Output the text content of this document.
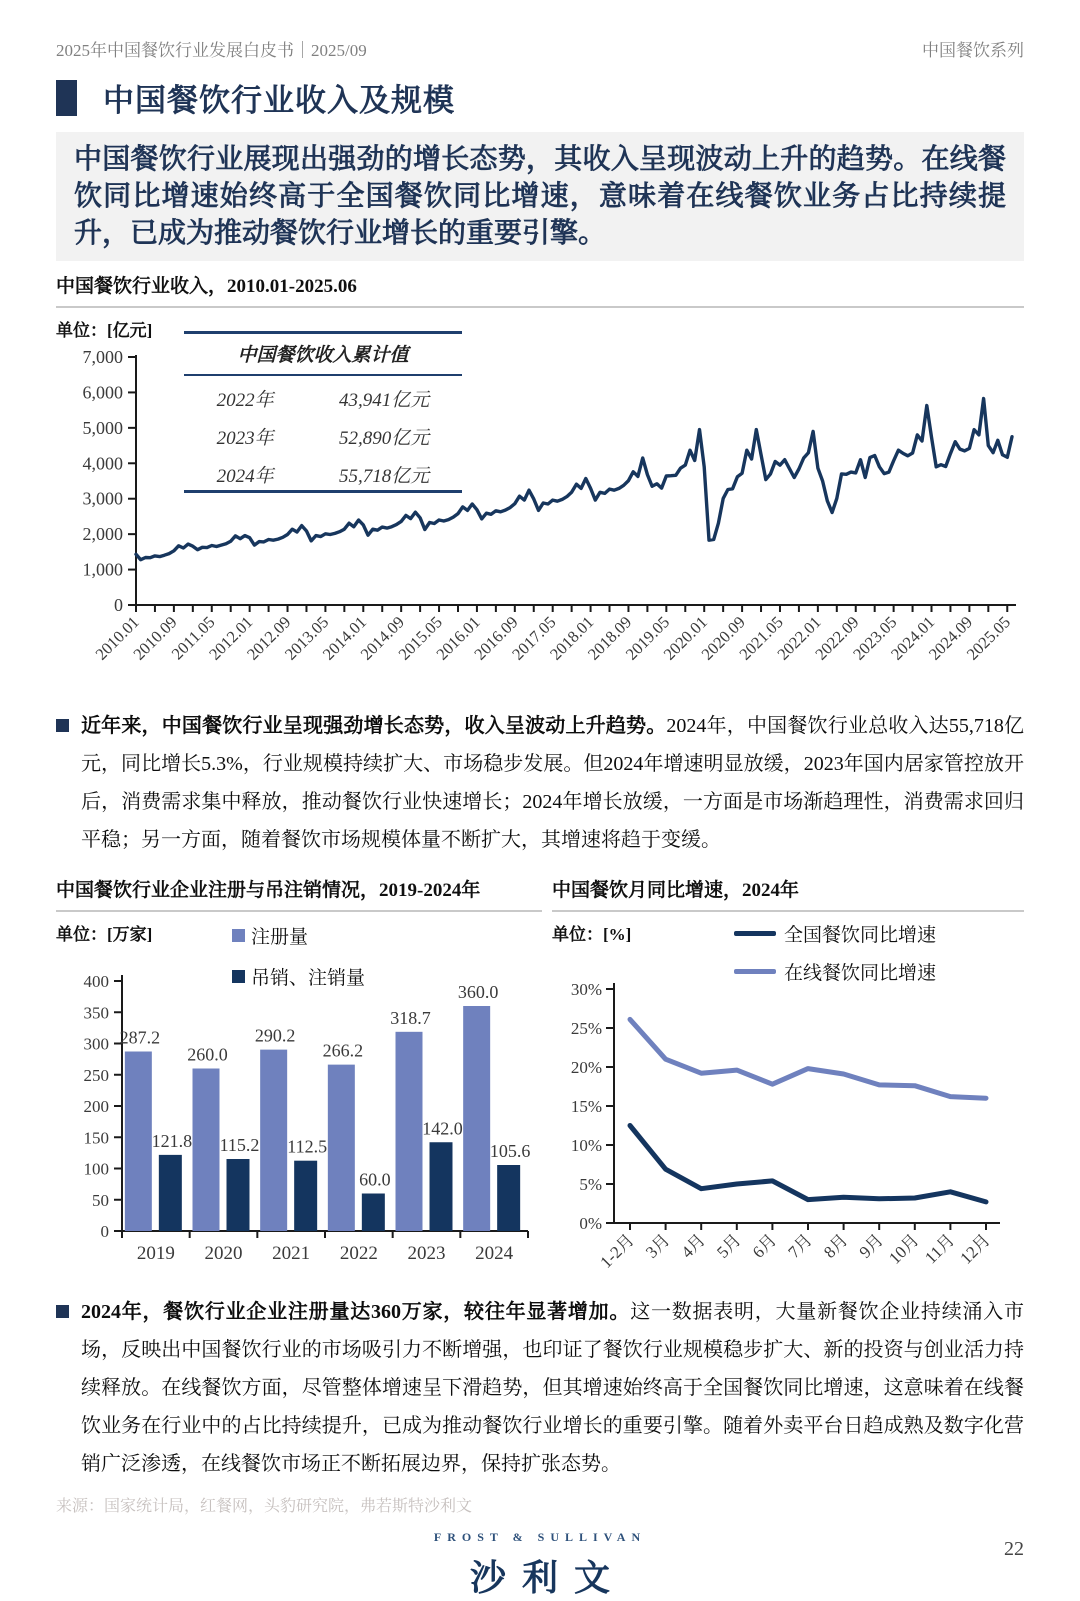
2025年中国餐饮行业发展白皮书｜2025/09	中国餐饮系列
中国餐饮行业收入及规模
中国餐饮行业展现出强劲的增长态势，其收入呈现波动上升的趋势。在线餐饮同比增速始终高于全国餐饮同比增速，意味着在线餐饮业务占比持续提升，已成为推动餐饮行业增长的重要引擎。
中国餐饮行业收入，2010.01-2025.06
单位：[亿元]
0
1,000
2,000
3,000
4,000
5,000
6,000
7,000
2010.01
2010.09
2011.05
2012.01
2012.09
2013.05
2014.01
2014.09
2015.05
2016.01
2016.09
2017.05
2018.01
2018.09
2019.05
2020.01
2020.09
2021.05
2022.01
2022.09
2023.05
2024.01
2024.09
2025.05
中国餐饮收入累计值
2022年	43,941亿元
2023年	52,890亿元
2024年	55,718亿元
近年来，中国餐饮行业呈现强劲增长态势，收入呈波动上升趋势。2024年，中国餐饮行业总收入达55,718亿元，同比增长5.3%，行业规模持续扩大、市场稳步发展。但2024年增速明显放缓，2023年国内居家管控放开后，消费需求集中释放，推动餐饮行业快速增长；2024年增长放缓，一方面是市场渐趋理性，消费需求回归平稳；另一方面，随着餐饮市场规模体量不断扩大，其增速将趋于变缓。
中国餐饮行业企业注册与吊注销情况，2019-2024年
单位：[万家]	注册量
吊销、注销量
0
50
100
150
200
250
300
350
400
287.2
121.8
2019
260.0
115.2
2020
290.2
112.5
2021
266.2
60.0
2022
318.7
142.0
2023
360.0
105.6
2024
中国餐饮月同比增速，2024年
单位：[%]	全国餐饮同比增速
在线餐饮同比增速
0%
5%
10%
15%
20%
25%
30%
1-2月 3月 4月 5月 6月 7月 8月 9月
10月
11月
12月
2024年，餐饮行业企业注册量达360万家，较往年显著增加。这一数据表明，大量新餐饮企业持续涌入市场，反映出中国餐饮行业的市场吸引力不断增强，也印证了餐饮行业规模稳步扩大、新的投资与创业活力持续释放。在线餐饮方面，尽管整体增速呈下滑趋势，但其增速始终高于全国餐饮同比增速，这意味着在线餐饮业务在行业中的占比持续提升，已成为推动餐饮行业增长的重要引擎。随着外卖平台日趋成熟及数字化营销广泛渗透，在线餐饮市场正不断拓展边界，保持扩张态势。
来源：国家统计局，红餐网，头豹研究院，弗若斯特沙利文
FROST & SULLIVAN
沙利文
22
